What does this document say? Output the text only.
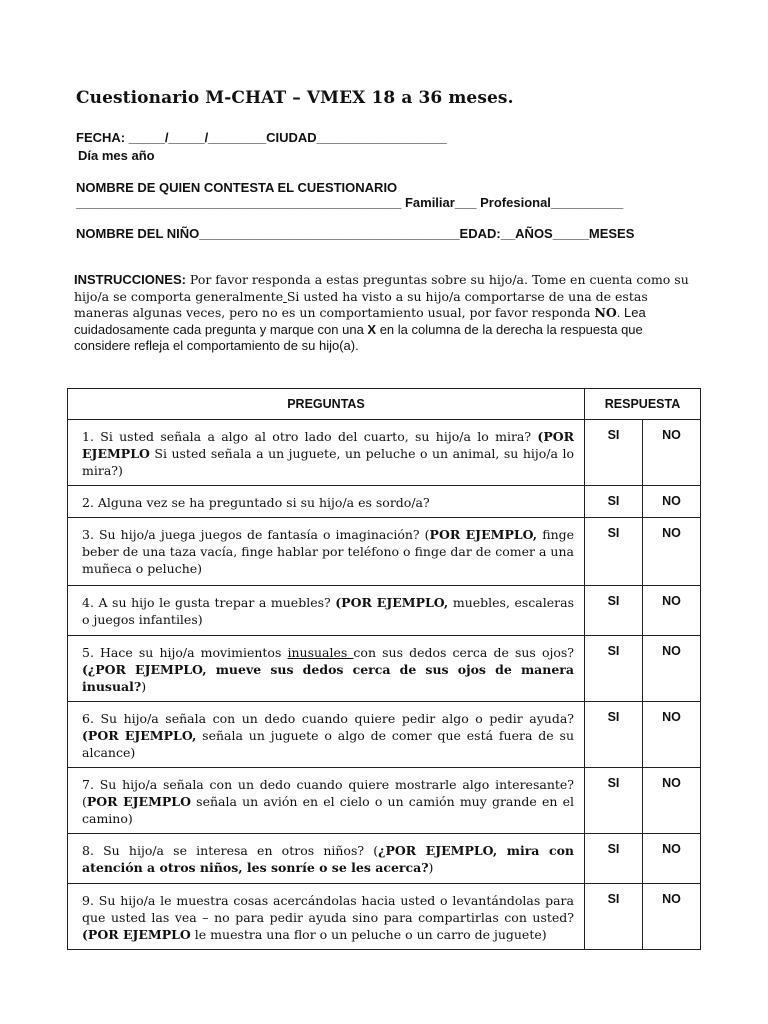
Cuestionario M-CHAT – VMEX 18 a 36 meses.
FECHA: _____/_____/________CIUDAD__________________
Día mes año
NOMBRE DE QUIEN CONTESTA EL CUESTIONARIO
_____________________________________________ Familiar___ Profesional__________
NOMBRE DEL NIÑO____________________________________EDAD:__AÑOS_____MESES
INSTRUCCIONES: Por favor responda a estas preguntas sobre su hijo/a. Tome en cuenta como su hijo/a se comporta generalmente Si usted ha visto a su hijo/a comportarse de una de estas maneras algunas veces, pero no es un comportamiento usual, por favor responda NO. Lea cuidadosamente cada pregunta y marque con una X en la columna de la derecha la respuesta que considere refleja el comportamiento de su hijo(a).
PREGUNTAS	RESPUESTA	
1. Si usted señala a algo al otro lado del cuarto, su hijo/a lo mira? (POR EJEMPLO Si usted señala a un juguete, un peluche o un animal, su hijo/a lo mira?)	SI	NO
2. Alguna vez se ha preguntado si su hijo/a es sordo/a?	SI	NO
3. Su hijo/a juega juegos de fantasía o imaginación? (POR EJEMPLO, finge beber de una taza vacía, finge hablar por teléfono o finge dar de comer a una muñeca o peluche)	SI	NO
4. A su hijo le gusta trepar a muebles? (POR EJEMPLO, muebles, escaleras o juegos infantiles)	SI	NO
5. Hace su hijo/a movimientos inusuales con sus dedos cerca de sus ojos? (¿POR EJEMPLO, mueve sus dedos cerca de sus ojos de manera inusual?)	SI	NO
6. Su hijo/a señala con un dedo cuando quiere pedir algo o pedir ayuda? (POR EJEMPLO, señala un juguete o algo de comer que está fuera de su alcance)	SI	NO
7. Su hijo/a señala con un dedo cuando quiere mostrarle algo interesante? (POR EJEMPLO señala un avión en el cielo o un camión muy grande en el camino)	SI	NO
8. Su hijo/a se interesa en otros niños? (¿POR EJEMPLO, mira con atención a otros niños, les sonríe o se les acerca?)	SI	NO
9. Su hijo/a le muestra cosas acercándolas hacia usted o levantándolas para que usted las vea – no para pedir ayuda sino para compartirlas con usted? (POR EJEMPLO le muestra una flor o un peluche o un carro de juguete)	SI	NO
